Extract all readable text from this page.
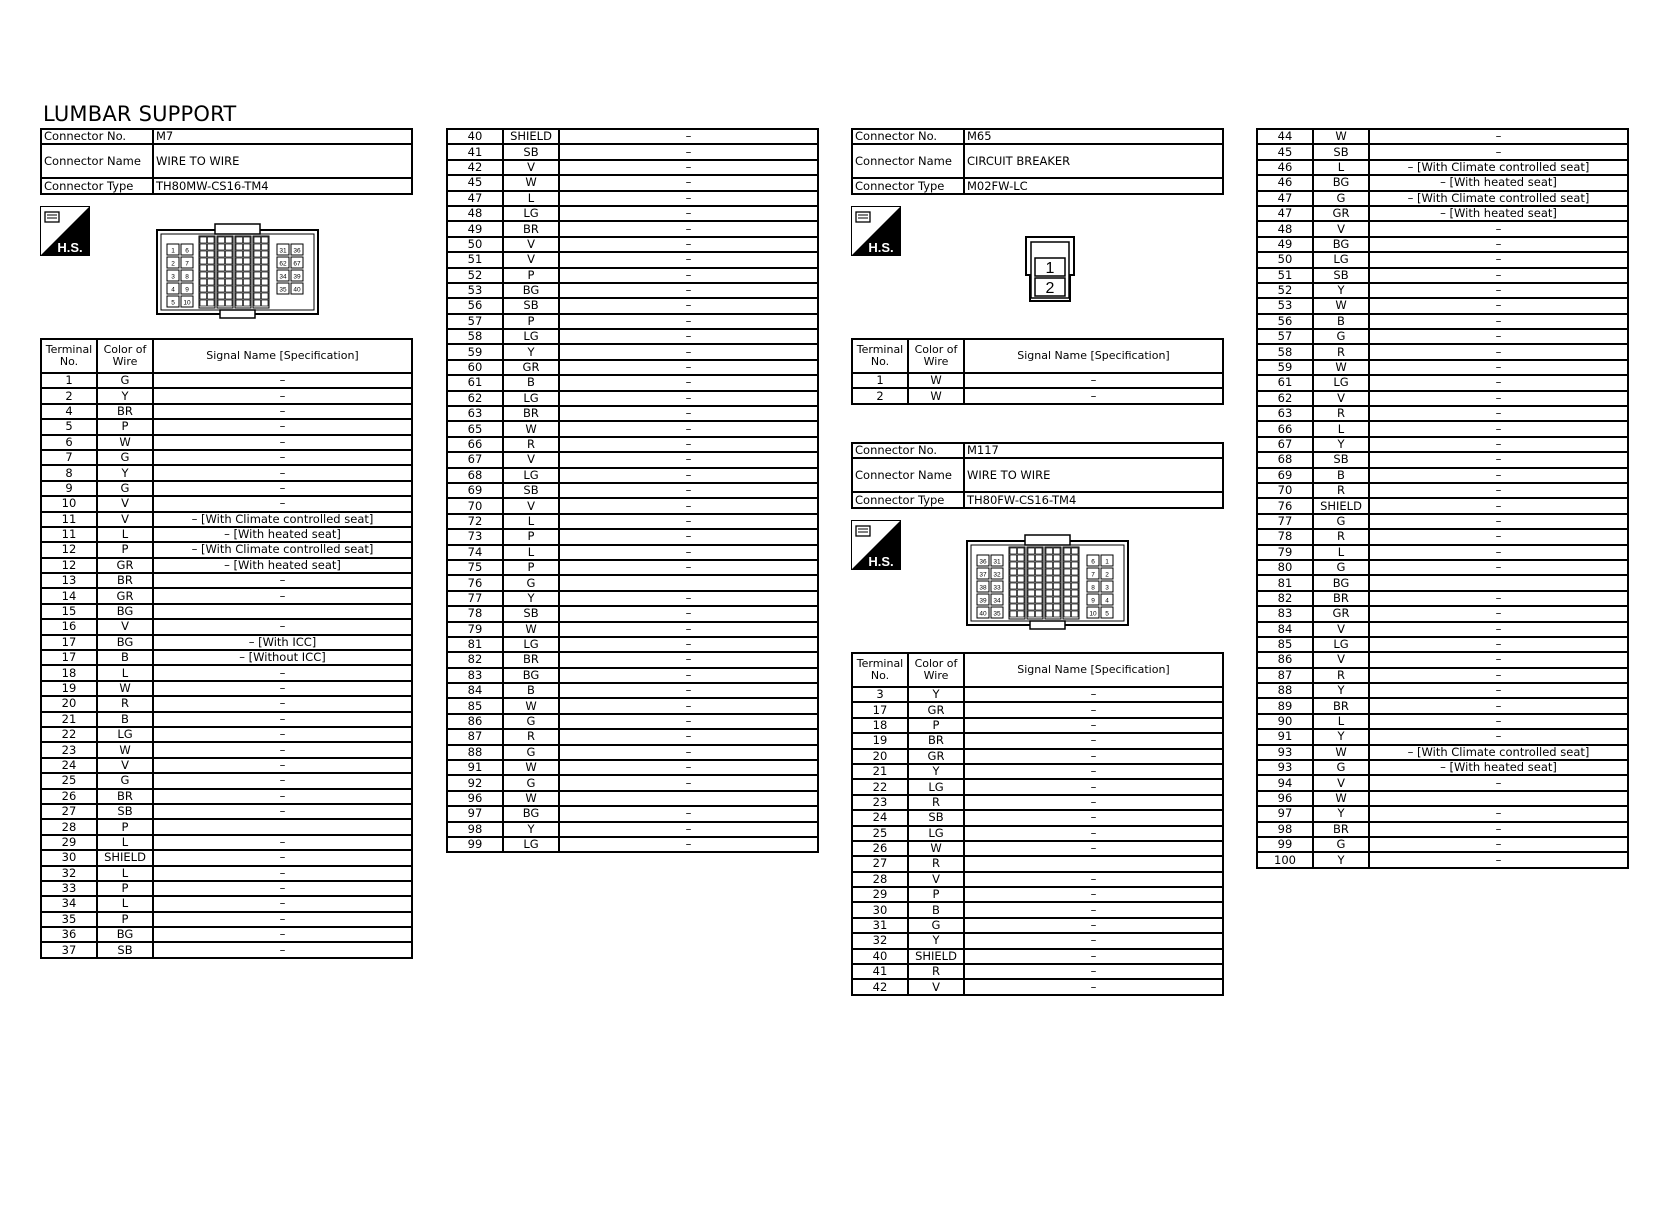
LUMBAR SUPPORT
Connector No.	M7
Connector Name	WIRE TO WIRE
Connector Type	TH80MW-CS16-TM4
H.S.	1 6
2 7
3 8
4 9
5 10
31 36
62 67
34 39
35 40
Terminal No.	Color of Wire	Signal Name [Specification]
1	G	–
2	Y	–
4	BR	–
5	P	–
6	W	–
7	G	–
8	Y	–
9	G	–
10	V	–
11	V	– [With Climate controlled seat]
11	L	– [With heated seat]
12	P	– [With Climate controlled seat]
12	GR	– [With heated seat]
13	BR	–
14	GR	–
15	BG	
16	V	–
17	BG	– [With ICC]
17	B	– [Without ICC]
18	L	–
19	W	–
20	R	–
21	B	–
22	LG	–
23	W	–
24	V	–
25	G	–
26	BR	–
27	SB	–
28	P	
29	L	–
30	SHIELD	–
32	L	–
33	P	–
34	L	–
35	P	–
36	BG	–
37	SB	–
40	SHIELD	–
41	SB	–
42	V	–
45	W	–
47	L	–
48	LG	–
49	BR	–
50	V	–
51	V	–
52	P	–
53	BG	–
56	SB	–
57	P	–
58	LG	–
59	Y	–
60	GR	–
61	B	–
62	LG	–
63	BR	–
65	W	–
66	R	–
67	V	–
68	LG	–
69	SB	–
70	V	–
72	L	–
73	P	–
74	L	–
75	P	–
76	G	
77	Y	–
78	SB	–
79	W	–
81	LG	–
82	BR	–
83	BG	–
84	B	–
85	W	–
86	G	–
87	R	–
88	G	–
91	W	–
92	G	–
96	W	
97	BG	–
98	Y	–
99	LG	–
Connector No.	M65
Connector Name	CIRCUIT BREAKER
Connector Type	M02FW-LC
H.S.
1
2
Terminal No.	Color of Wire	Signal Name [Specification]
1	W	–
2	W	–
Connector No.	M117
Connector Name	WIRE TO WIRE
Connector Type	TH80FW-CS16-TM4
H.S.	36 31
37 32
38 33
39 34
40 35
6 1
7 2
8 3
9 4
10 5
Terminal No.	Color of Wire	Signal Name [Specification]
3	Y	–
17	GR	–
18	P	–
19	BR	–
20	GR	–
21	Y	–
22	LG	–
23	R	–
24	SB	–
25	LG	–
26	W	–
27	R	
28	V	–
29	P	–
30	B	–
31	G	–
32	Y	–
40	SHIELD	–
41	R	–
42	V	–
44	W	–
45	SB	–
46	L	– [With Climate controlled seat]
46	BG	– [With heated seat]
47	G	– [With Climate controlled seat]
47	GR	– [With heated seat]
48	V	–
49	BG	–
50	LG	–
51	SB	–
52	Y	–
53	W	–
56	B	–
57	G	–
58	R	–
59	W	–
61	LG	–
62	V	–
63	R	–
66	L	–
67	Y	–
68	SB	–
69	B	–
70	R	–
76	SHIELD	–
77	G	–
78	R	–
79	L	–
80	G	–
81	BG	
82	BR	–
83	GR	–
84	V	–
85	LG	–
86	V	–
87	R	–
88	Y	–
89	BR	–
90	L	–
91	Y	–
93	W	– [With Climate controlled seat]
93	G	– [With heated seat]
94	V	–
96	W	
97	Y	–
98	BR	–
99	G	–
100	Y	–
